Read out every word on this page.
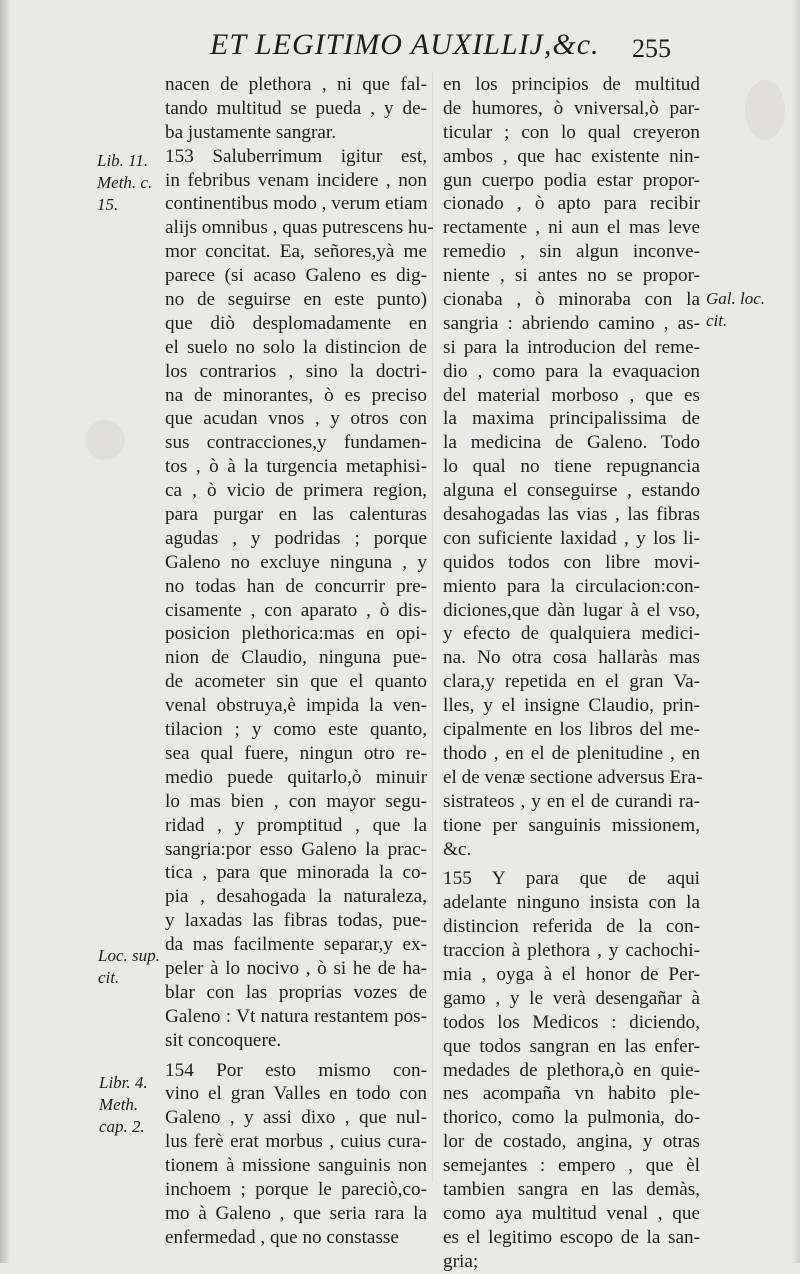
ET LEGITIMO AUXILLIJ,&c. 255
nacen de plethora , ni que fal-
tando multitud se pueda , y de-
ba justamente sangrar.
153 Saluberrimum igitur est,
in febribus venam incidere , non
continentibus modo , verum etiam
alijs omnibus , quas putrescens hu-
mor concitat. Ea, señores,yà me
parece (si acaso Galeno es dig-
no de seguirse en este punto)
que diò desplomadamente en
el suelo no solo la distincion de
los contrarios , sino la doctri-
na de minorantes, ò es preciso
que acudan vnos , y otros con
sus contracciones,y fundamen-
tos , ò à la turgencia metaphisi-
ca , ò vicio de primera region,
para purgar en las calenturas
agudas , y podridas ; porque
Galeno no excluye ninguna , y
no todas han de concurrir pre-
cisamente , con aparato , ò dis-
posicion plethorica:mas en opi-
nion de Claudio, ninguna pue-
de acometer sin que el quanto
venal obstruya,è impida la ven-
tilacion ; y como este quanto,
sea qual fuere, ningun otro re-
medio puede quitarlo,ò minuir
lo mas bien , con mayor segu-
ridad , y promptitud , que la
sangria:por esso Galeno la prac-
tica , para que minorada la co-
pia , desahogada la naturaleza,
y laxadas las fibras todas, pue-
da mas facilmente separar,y ex-
peler à lo nocivo , ò si he de ha-
blar con las proprias vozes de
Galeno : Vt natura restantem pos-
sit concoquere.
154 Por esto mismo con-
vino el gran Valles en todo con
Galeno , y assi dixo , que nul-
lus ferè erat morbus , cuius cura-
tionem à missione sanguinis non
inchoem ; porque le pareciò,co-
mo à Galeno , que seria rara la
enfermedad , que no constasse
en los principios de multitud
de humores, ò vniversal,ò par-
ticular ; con lo qual creyeron
ambos , que hac existente nin-
gun cuerpo podia estar propor-
cionado , ò apto para recibir
rectamente , ni aun el mas leve
remedio , sin algun inconve-
niente , si antes no se propor-
cionaba , ò minoraba con la
sangria : abriendo camino , as-
si para la introducion del reme-
dio , como para la evaquacion
del material morboso , que es
la maxima principalissima de
la medicina de Galeno. Todo
lo qual no tiene repugnancia
alguna el conseguirse , estando
desahogadas las vias , las fibras
con suficiente laxidad , y los li-
quidos todos con libre movi-
miento para la circulacion:con-
diciones,que dàn lugar à el vso,
y efecto de qualquiera medici-
na. No otra cosa hallaràs mas
clara,y repetida en el gran Va-
lles, y el insigne Claudio, prin-
cipalmente en los libros del me-
thodo , en el de plenitudine , en
el de venæ sectione adversus Era-
sistrateos , y en el de curandi ra-
tione per sanguinis missionem,
&c.
155 Y para que de aqui
adelante ninguno insista con la
distincion referida de la con-
traccion à plethora , y cachochi-
mia , oyga à el honor de Per-
gamo , y le verà desengañar à
todos los Medicos : diciendo,
que todos sangran en las enfer-
medades de plethora,ò en quie-
nes acompaña vn habito ple-
thorico, como la pulmonia, do-
lor de costado, angina, y otras
semejantes : empero , que èl
tambien sangra en las demàs,
como aya multitud venal , que
es el legitimo escopo de la san-
gria;
Lib. 11.
Meth. c.
15.
Gal. loc.
cit.
Loc. sup.
cit.
Libr. 4.
Meth.
cap. 2.
